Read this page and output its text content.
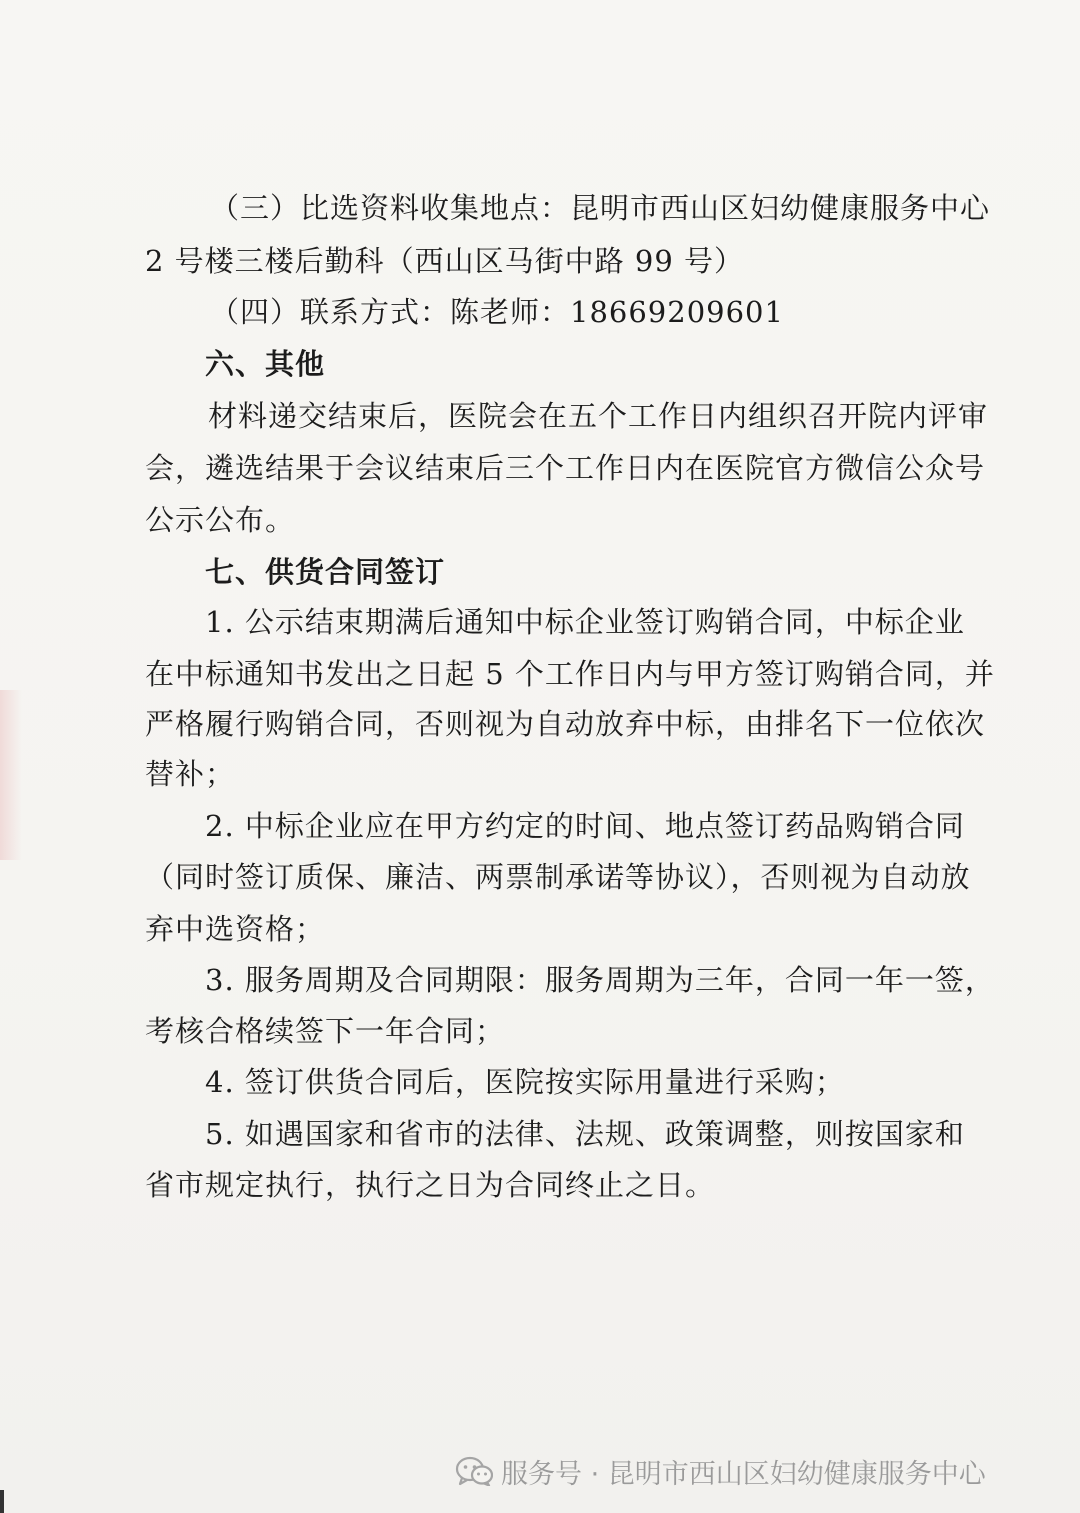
（三）比选资料收集地点：昆明市西山区妇幼健康服务中心
2 号楼三楼后勤科（西山区马街中路 99 号）
（四）联系方式：陈老师：18669209601
六、其他
材料递交结束后，医院会在五个工作日内组织召开院内评审
会，遴选结果于会议结束后三个工作日内在医院官方微信公众号
公示公布。
七、供货合同签订
1. 公示结束期满后通知中标企业签订购销合同，中标企业
在中标通知书发出之日起 5 个工作日内与甲方签订购销合同，并
严格履行购销合同，否则视为自动放弃中标，由排名下一位依次
替补；
2. 中标企业应在甲方约定的时间、地点签订药品购销合同
（同时签订质保、廉洁、两票制承诺等协议），否则视为自动放
弃中选资格；
3. 服务周期及合同期限：服务周期为三年，合同一年一签，
考核合格续签下一年合同；
4. 签订供货合同后，医院按实际用量进行采购；
5. 如遇国家和省市的法律、法规、政策调整，则按国家和
省市规定执行，执行之日为合同终止之日。
服务号 · 昆明市西山区妇幼健康服务中心
